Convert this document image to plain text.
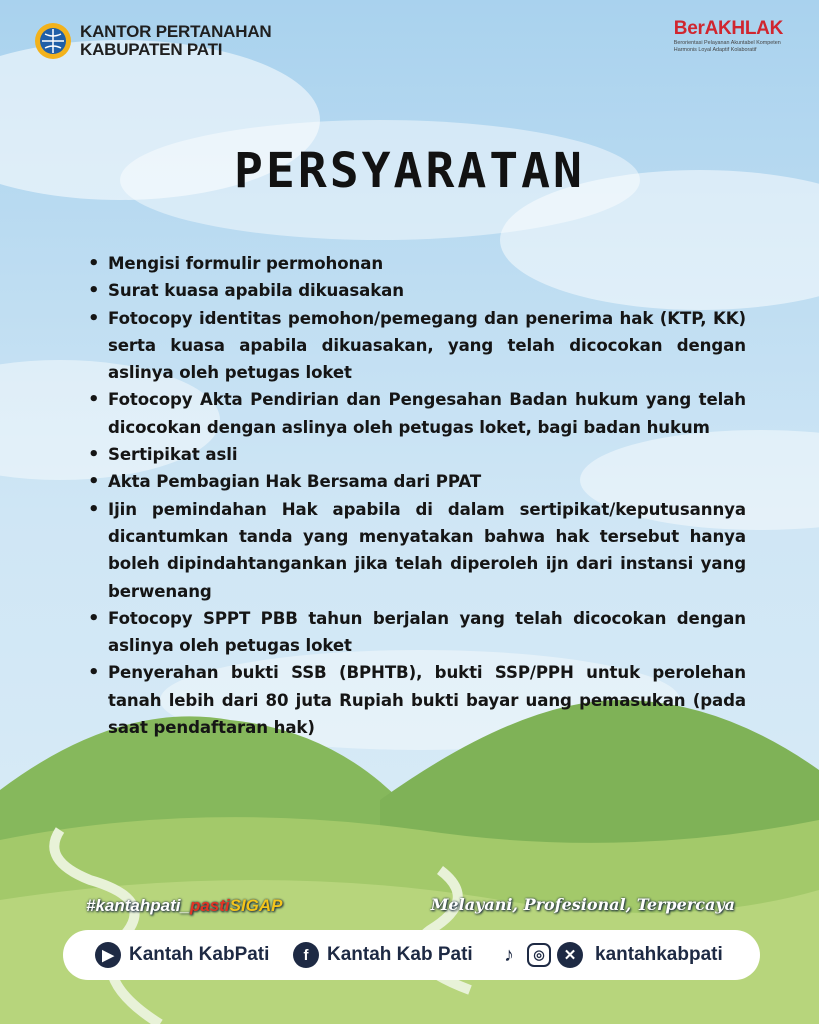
KANTOR PERTANAHAN
KABUPATEN PATI
BerAKHLAK
Berorientasi Pelayanan Akuntabel Kompeten Harmonis Loyal Adaptif Kolaboratif
PERSYARATAN
• Mengisi formulir permohonan
• Surat kuasa apabila dikuasakan
• Fotocopy identitas pemohon/pemegang dan penerima hak (KTP, KK) serta kuasa apabila dikuasakan, yang telah dicocokan dengan aslinya oleh petugas loket
• Fotocopy Akta Pendirian dan Pengesahan Badan hukum yang telah dicocokan dengan aslinya oleh petugas loket, bagi badan hukum
• Sertipikat asli
• Akta Pembagian Hak Bersama dari PPAT
• Ijin pemindahan Hak apabila di dalam sertipikat/keputusannya dicantumkan tanda yang menyatakan bahwa hak tersebut hanya boleh dipindahtangankan jika telah diperoleh ijn dari instansi yang berwenang
• Fotocopy SPPT PBB tahun berjalan yang telah dicocokan dengan aslinya oleh petugas loket
• Penyerahan bukti SSB (BPHTB), bukti SSP/PPH untuk perolehan tanah lebih dari 80 juta Rupiah bukti bayar uang pemasukan (pada saat pendaftaran hak)
#kantahpati_pastiSIGAP	Melayani, Profesional, Terpercaya
▶ Kantah KabPati	f Kantah Kab Pati	♪	◎	✕ kantahkabpati
